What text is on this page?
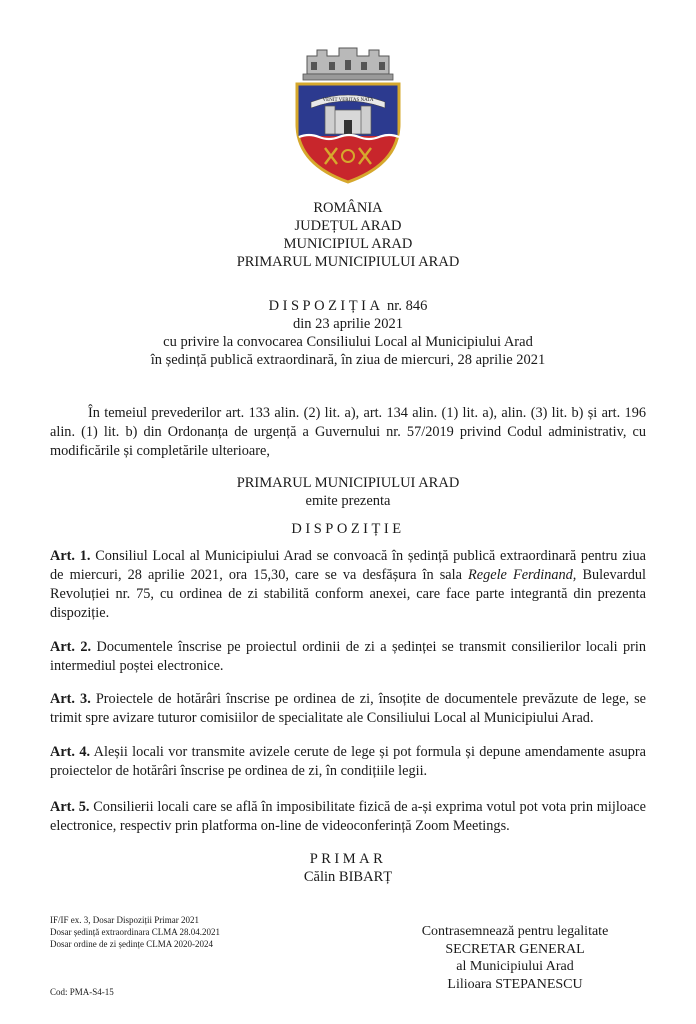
VENIT VERITAS NATA
ROMÂNIA
JUDEȚUL ARAD
MUNICIPIUL ARAD
PRIMARUL MUNICIPIULUI ARAD
DISPOZIȚIA nr. 846
din 23 aprilie 2021
cu privire la convocarea Consiliului Local al Municipiului Arad
în ședință publică extraordinară, în ziua de miercuri, 28 aprilie 2021
În temeiul prevederilor art. 133 alin. (2) lit. a), art. 134 alin. (1) lit. a), alin. (3) lit. b) și art. 196 alin. (1) lit. b) din Ordonanța de urgență a Guvernului nr. 57/2019 privind Codul administrativ, cu modificările și completările ulterioare,
PRIMARUL MUNICIPIULUI ARAD
emite prezenta
DISPOZIȚIE
Art. 1. Consiliul Local al Municipiului Arad se convoacă în ședință publică extraordinară pentru ziua de miercuri, 28 aprilie 2021, ora 15,30, care se va desfășura în sala Regele Ferdinand, Bulevardul Revoluției nr. 75, cu ordinea de zi stabilită conform anexei, care face parte integrantă din prezenta dispoziție.
Art. 2. Documentele înscrise pe proiectul ordinii de zi a ședinței se transmit consilierilor locali prin intermediul poștei electronice.
Art. 3. Proiectele de hotărâri înscrise pe ordinea de zi, însoțite de documentele prevăzute de lege, se trimit spre avizare tuturor comisiilor de specialitate ale Consiliului Local al Municipiului Arad.
Art. 4. Aleșii locali vor transmite avizele cerute de lege și pot formula și depune amendamente asupra proiectelor de hotărâri înscrise pe ordinea de zi, în condițiile legii.
Art. 5. Consilierii locali care se află în imposibilitate fizică de a-și exprima votul pot vota prin mijloace electronice, respectiv prin platforma on-line de videoconferință Zoom Meetings.
PRIMAR
Călin BIBARȚ
IF/IF ex. 3, Dosar Dispoziții Primar 2021
Dosar ședință extraordinara CLMA 28.04.2021
Dosar ordine de zi ședințe CLMA 2020-2024
Contrasemnează pentru legalitate
SECRETAR GENERAL
al Municipiului Arad
Lilioara STEPANESCU
Cod: PMA-S4-15
